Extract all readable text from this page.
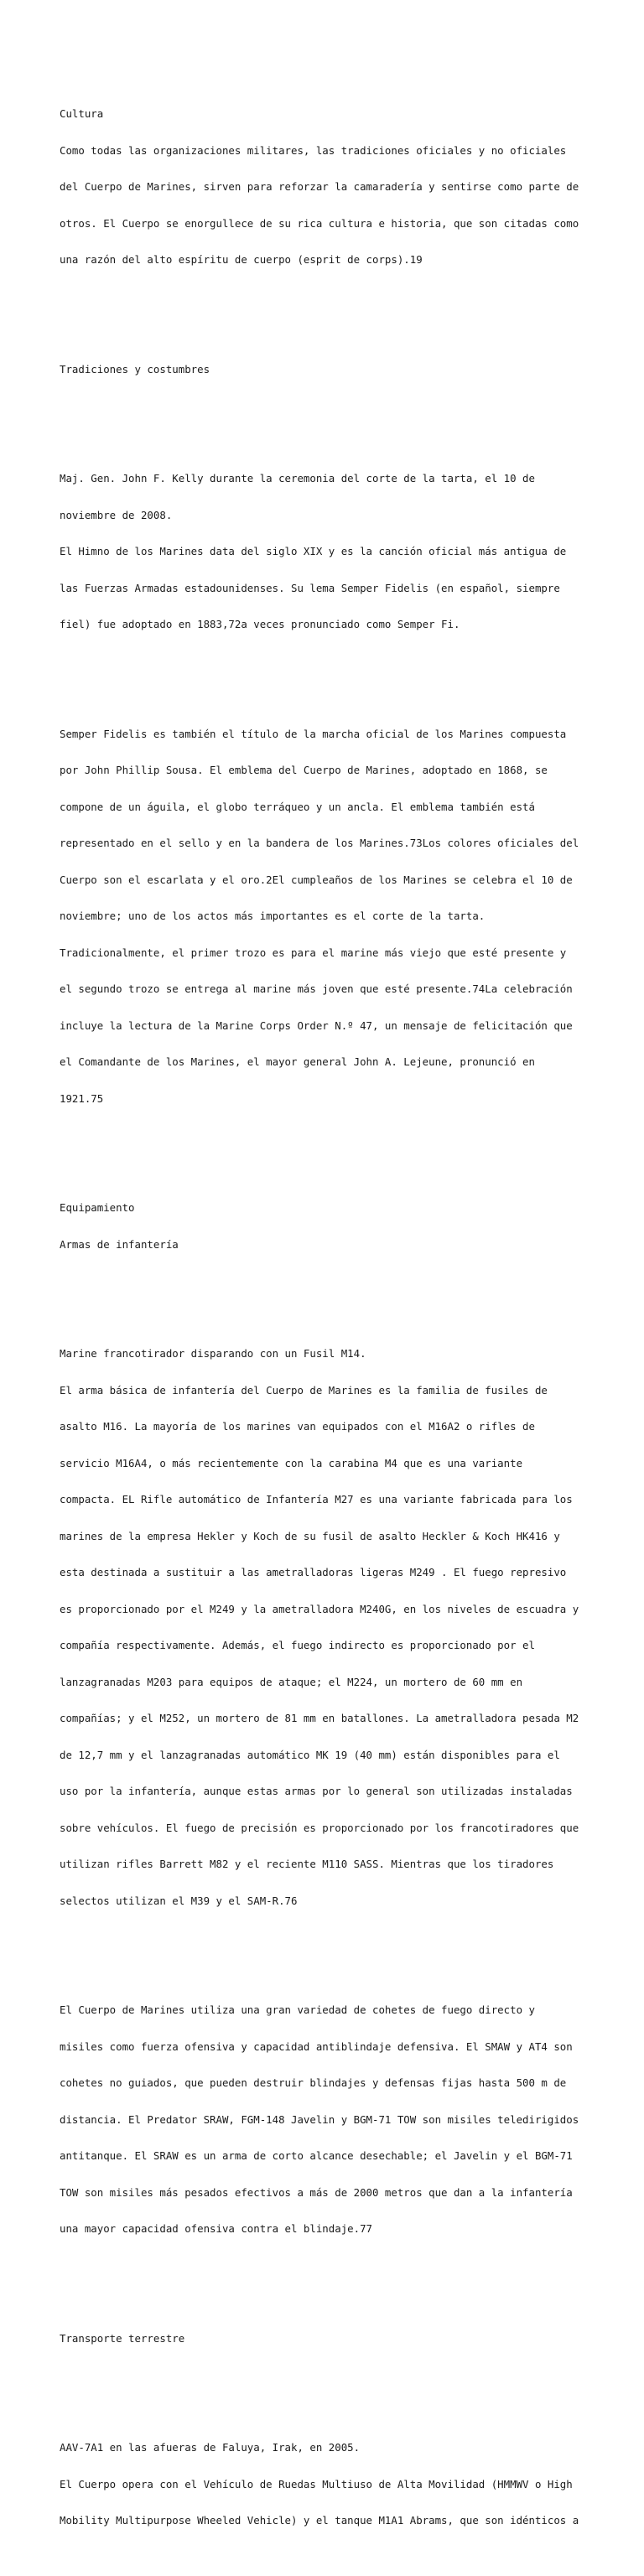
Cultura

Como todas las organizaciones militares, las tradiciones oficiales y no oficiales

del Cuerpo de Marines, sirven para reforzar la camaradería y sentirse como parte de

otros. El Cuerpo se enorgullece de su rica cultura e historia, que son citadas como

una razón del alto espíritu de cuerpo (esprit de corps).19

Tradiciones y costumbres

Maj. Gen. John F. Kelly durante la ceremonia del corte de la tarta, el 10 de

noviembre de 2008.

El Himno de los Marines data del siglo XIX y es la canción oficial más antigua de

las Fuerzas Armadas estadounidenses. Su lema Semper Fidelis (en español, siempre

fiel) fue adoptado en 1883,72a veces pronunciado como Semper Fi.

Semper Fidelis es también el título de la marcha oficial de los Marines compuesta

por John Phillip Sousa. El emblema del Cuerpo de Marines, adoptado en 1868, se

compone de un águila, el globo terráqueo y un ancla. El emblema también está

representado en el sello y en la bandera de los Marines.73Los colores oficiales del

Cuerpo son el escarlata y el oro.2El cumpleaños de los Marines se celebra el 10 de

noviembre; uno de los actos más importantes es el corte de la tarta.

Tradicionalmente, el primer trozo es para el marine más viejo que esté presente y

el segundo trozo se entrega al marine más joven que esté presente.74La celebración

incluye la lectura de la Marine Corps Order N.º 47, un mensaje de felicitación que

el Comandante de los Marines, el mayor general John A. Lejeune, pronunció en

1921.75

Equipamiento

Armas de infantería

Marine francotirador disparando con un Fusil M14.

El arma básica de infantería del Cuerpo de Marines es la familia de fusiles de

asalto M16. La mayoría de los marines van equipados con el M16A2 o rifles de

servicio M16A4, o más recientemente con la carabina M4 que es una variante

compacta. EL Rifle automático de Infantería M27 es una variante fabricada para los

marines de la empresa Hekler y Koch de su fusil de asalto Heckler & Koch HK416 y

esta destinada a sustituir a las ametralladoras ligeras M249 . El fuego represivo

es proporcionado por el M249 y la ametralladora M240G, en los niveles de escuadra y

compañía respectivamente. Además, el fuego indirecto es proporcionado por el

lanzagranadas M203 para equipos de ataque; el M224, un mortero de 60 mm en

compañías; y el M252, un mortero de 81 mm en batallones. La ametralladora pesada M2

de 12,7 mm y el lanzagranadas automático MK 19 (40 mm) están disponibles para el

uso por la infantería, aunque estas armas por lo general son utilizadas instaladas

sobre vehículos. El fuego de precisión es proporcionado por los francotiradores que

utilizan rifles Barrett M82 y el reciente M110 SASS. Mientras que los tiradores

selectos utilizan el M39 y el SAM-R.76

El Cuerpo de Marines utiliza una gran variedad de cohetes de fuego directo y

misiles como fuerza ofensiva y capacidad antiblindaje defensiva. El SMAW y AT4 son

cohetes no guiados, que pueden destruir blindajes y defensas fijas hasta 500 m de

distancia. El Predator SRAW, FGM-148 Javelin y BGM-71 TOW son misiles teledirigidos

antitanque. El SRAW es un arma de corto alcance desechable; el Javelin y el BGM-71

TOW son misiles más pesados efectivos a más de 2000 metros que dan a la infantería

una mayor capacidad ofensiva contra el blindaje.77

Transporte terrestre

AAV-7A1 en las afueras de Faluya, Irak, en 2005.

El Cuerpo opera con el Vehículo de Ruedas Multiuso de Alta Movilidad (HMMWV o High

Mobility Multipurpose Wheeled Vehicle) y el tanque M1A1 Abrams, que son idénticos a
